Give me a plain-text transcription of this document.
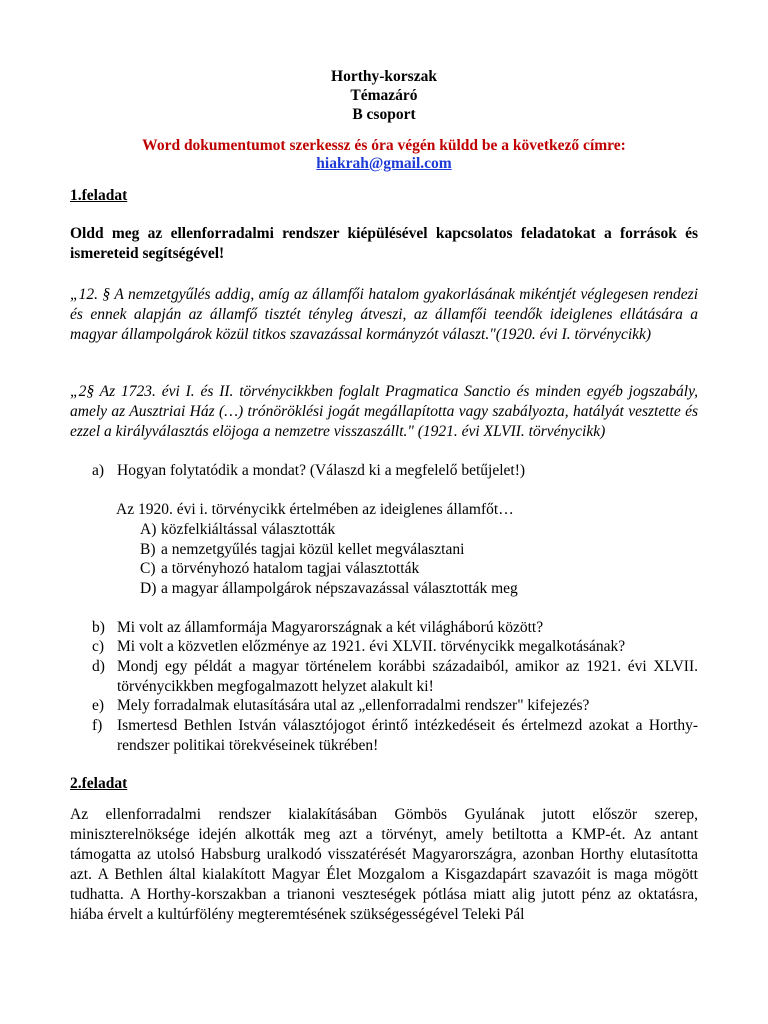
Horthy-korszak
Témazáró
B csoport
Word dokumentumot szerkessz és óra végén küldd be a következő címre:
hiakrah@gmail.com
1.feladat
Oldd meg az ellenforradalmi rendszer kiépülésével kapcsolatos feladatokat a források és ismereteid segítségével!
„12. § A nemzetgyűlés addig, amíg az államfői hatalom gyakorlásának mikéntjét véglegesen rendezi és ennek alapján az államfő tisztét tényleg átveszi, az államfői teendők ideiglenes ellátására a magyar állampolgárok közül titkos szavazással kormányzót választ."(1920. évi I. törvénycikk)
„2§ Az 1723. évi I. és II. törvénycikkben foglalt Pragmatica Sanctio és minden egyéb jogszabály, amely az Ausztriai Ház (…) trónöröklési jogát megállapította vagy szabályozta, hatályát vesztette és ezzel a királyválasztás elöjoga a nemzetre visszaszállt." (1921. évi XLVII. törvénycikk)
a) Hogyan folytatódik a mondat? (Válaszd ki a megfelelő betűjelet!)
Az 1920. évi i. törvénycikk értelmében az ideiglenes államfőt…
A) közfelkiáltással választották
B) a nemzetgyűlés tagjai közül kellet megválasztani
C) a törvényhozó hatalom tagjai választották
D) a magyar állampolgárok népszavazással választották meg
b) Mi volt az államformája Magyarországnak a két világháború között?
c) Mi volt a közvetlen előzménye az 1921. évi XLVII. törvénycikk megalkotásának?
d) Mondj egy példát a magyar történelem korábbi századaiból, amikor az 1921. évi XLVII. törvénycikkben megfogalmazott helyzet alakult ki!
e) Mely forradalmak elutasítására utal az „ellenforradalmi rendszer" kifejezés?
f) Ismertesd Bethlen István választójogot érintő intézkedéseit és értelmezd azokat a Horthy-rendszer politikai törekvéseinek tükrében!
2.feladat
Az ellenforradalmi rendszer kialakításában Gömbös Gyulának jutott először szerep, miniszterelnöksége idején alkották meg azt a törvényt, amely betiltotta a KMP-ét. Az antant támogatta az utolsó Habsburg uralkodó visszatérését Magyarországra, azonban Horthy elutasította azt. A Bethlen által kialakított Magyar Élet Mozgalom a Kisgazdapárt szavazóit is maga mögött tudhatta. A Horthy-korszakban a trianoni veszteségek pótlása miatt alig jutott pénz az oktatásra, hiába érvelt a kultúrfölény megteremtésének szükségességével Teleki Pál
